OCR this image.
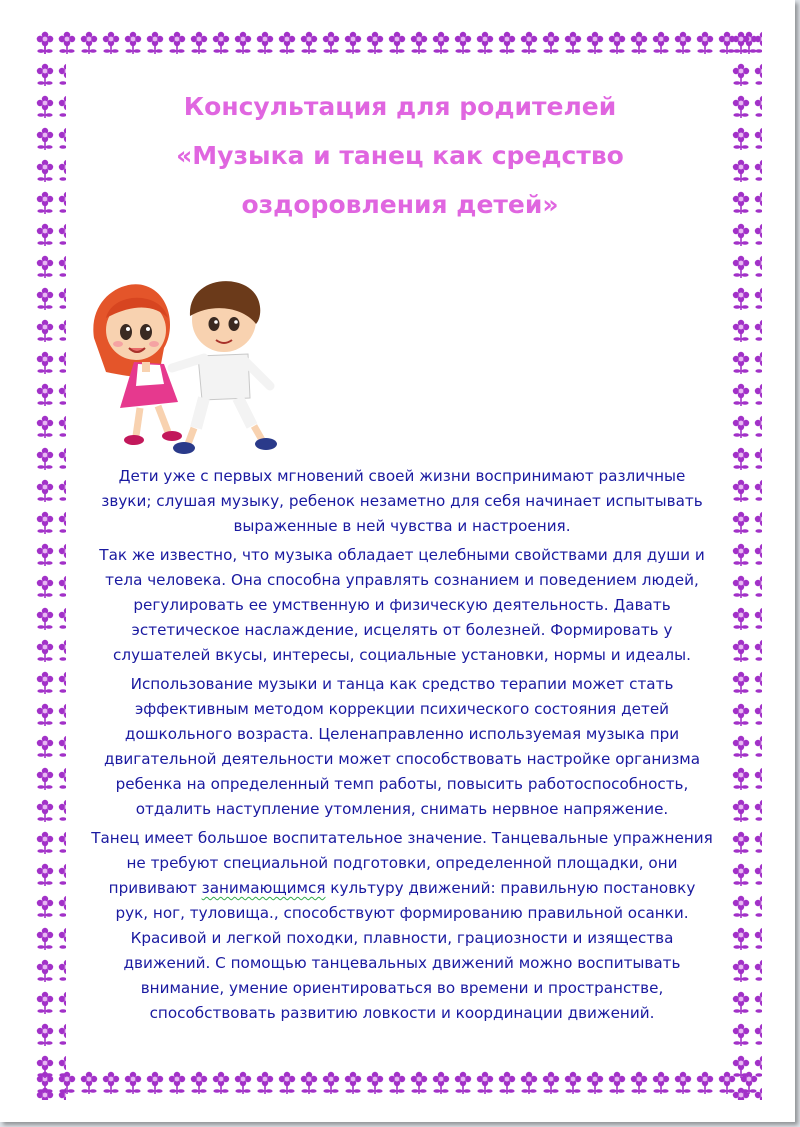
Консультация для родителей
«Музыка и танец как средство
оздоровления детей»

Дети уже с первых мгновений своей жизни воспринимают различные
звуки; слушая музыку, ребенок незаметно для себя начинает испытывать
выраженные в ней чувства и настроения.

Так же известно, что музыка обладает целебными свойствами для души и
тела человека. Она способна управлять сознанием и поведением людей,
регулировать ее умственную и физическую деятельность. Давать
эстетическое наслаждение, исцелять от болезней. Формировать у
слушателей вкусы, интересы, социальные установки, нормы и идеалы.

Использование музыки и танца как средство терапии может стать
эффективным методом коррекции психического состояния детей
дошкольного возраста. Целенаправленно используемая музыка при
двигательной деятельности может способствовать настройке организма
ребенка на определенный темп работы, повысить работоспособность,
отдалить наступление утомления, снимать нервное напряжение.

Танец имеет большое воспитательное значение. Танцевальные упражнения
не требуют специальной подготовки, определенной площадки, они
прививают занимающимся культуру движений: правильную постановку
рук, ног, туловища., способствуют формированию правильной осанки.
Красивой и легкой походки, плавности, грациозности и изящества
движений. С помощью танцевальных движений можно воспитывать
внимание, умение ориентироваться во времени и пространстве,
способствовать развитию ловкости и координации движений.
